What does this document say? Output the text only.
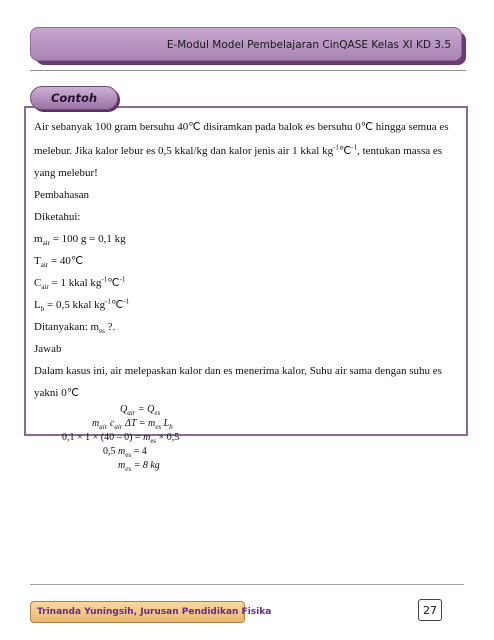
E-Modul Model Pembelajaran CinQASE Kelas XI KD 3.5
Contoh
Air sebanyak 100 gram bersuhu 40℃ disiramkan pada balok es bersuhu 0℃ hingga semua es
melebur. Jika kalor lebur es 0,5 kkal/kg dan kalor jenis air 1 kkal $kg^{-1}℃^{-1}$, tentukan massa es
yang melebur!
Pembahasan
Diketahui:
$m_{air} = 100$ g = 0,1 kg
$T_{air}$ = 40℃
$C_{air} = 1$ kkal $kg^{-1}℃^{-1}$
$L_b = 0,5$ kkal $kg^{-1}℃^{-1}$
Ditanyakan: $m_{es}$ ?.
Jawab
Dalam kasus ini, air melepaskan kalor dan es menerima kalor, Suhu air sama dengan suhu es
yakni 0℃
$Q_{air} = Q_{es}$
$m_{air}$ $c_{air}$ $\Delta T = m_{es}$ $L_b$
$0,1 \times 1 \times (40 - 0) = m_{es} \times 0,5$
0,5 $m_{es} = 4$
$m_{es} = 8$ kg
Trinanda Yuningsih, Jurusan Pendidikan Fisika	27
